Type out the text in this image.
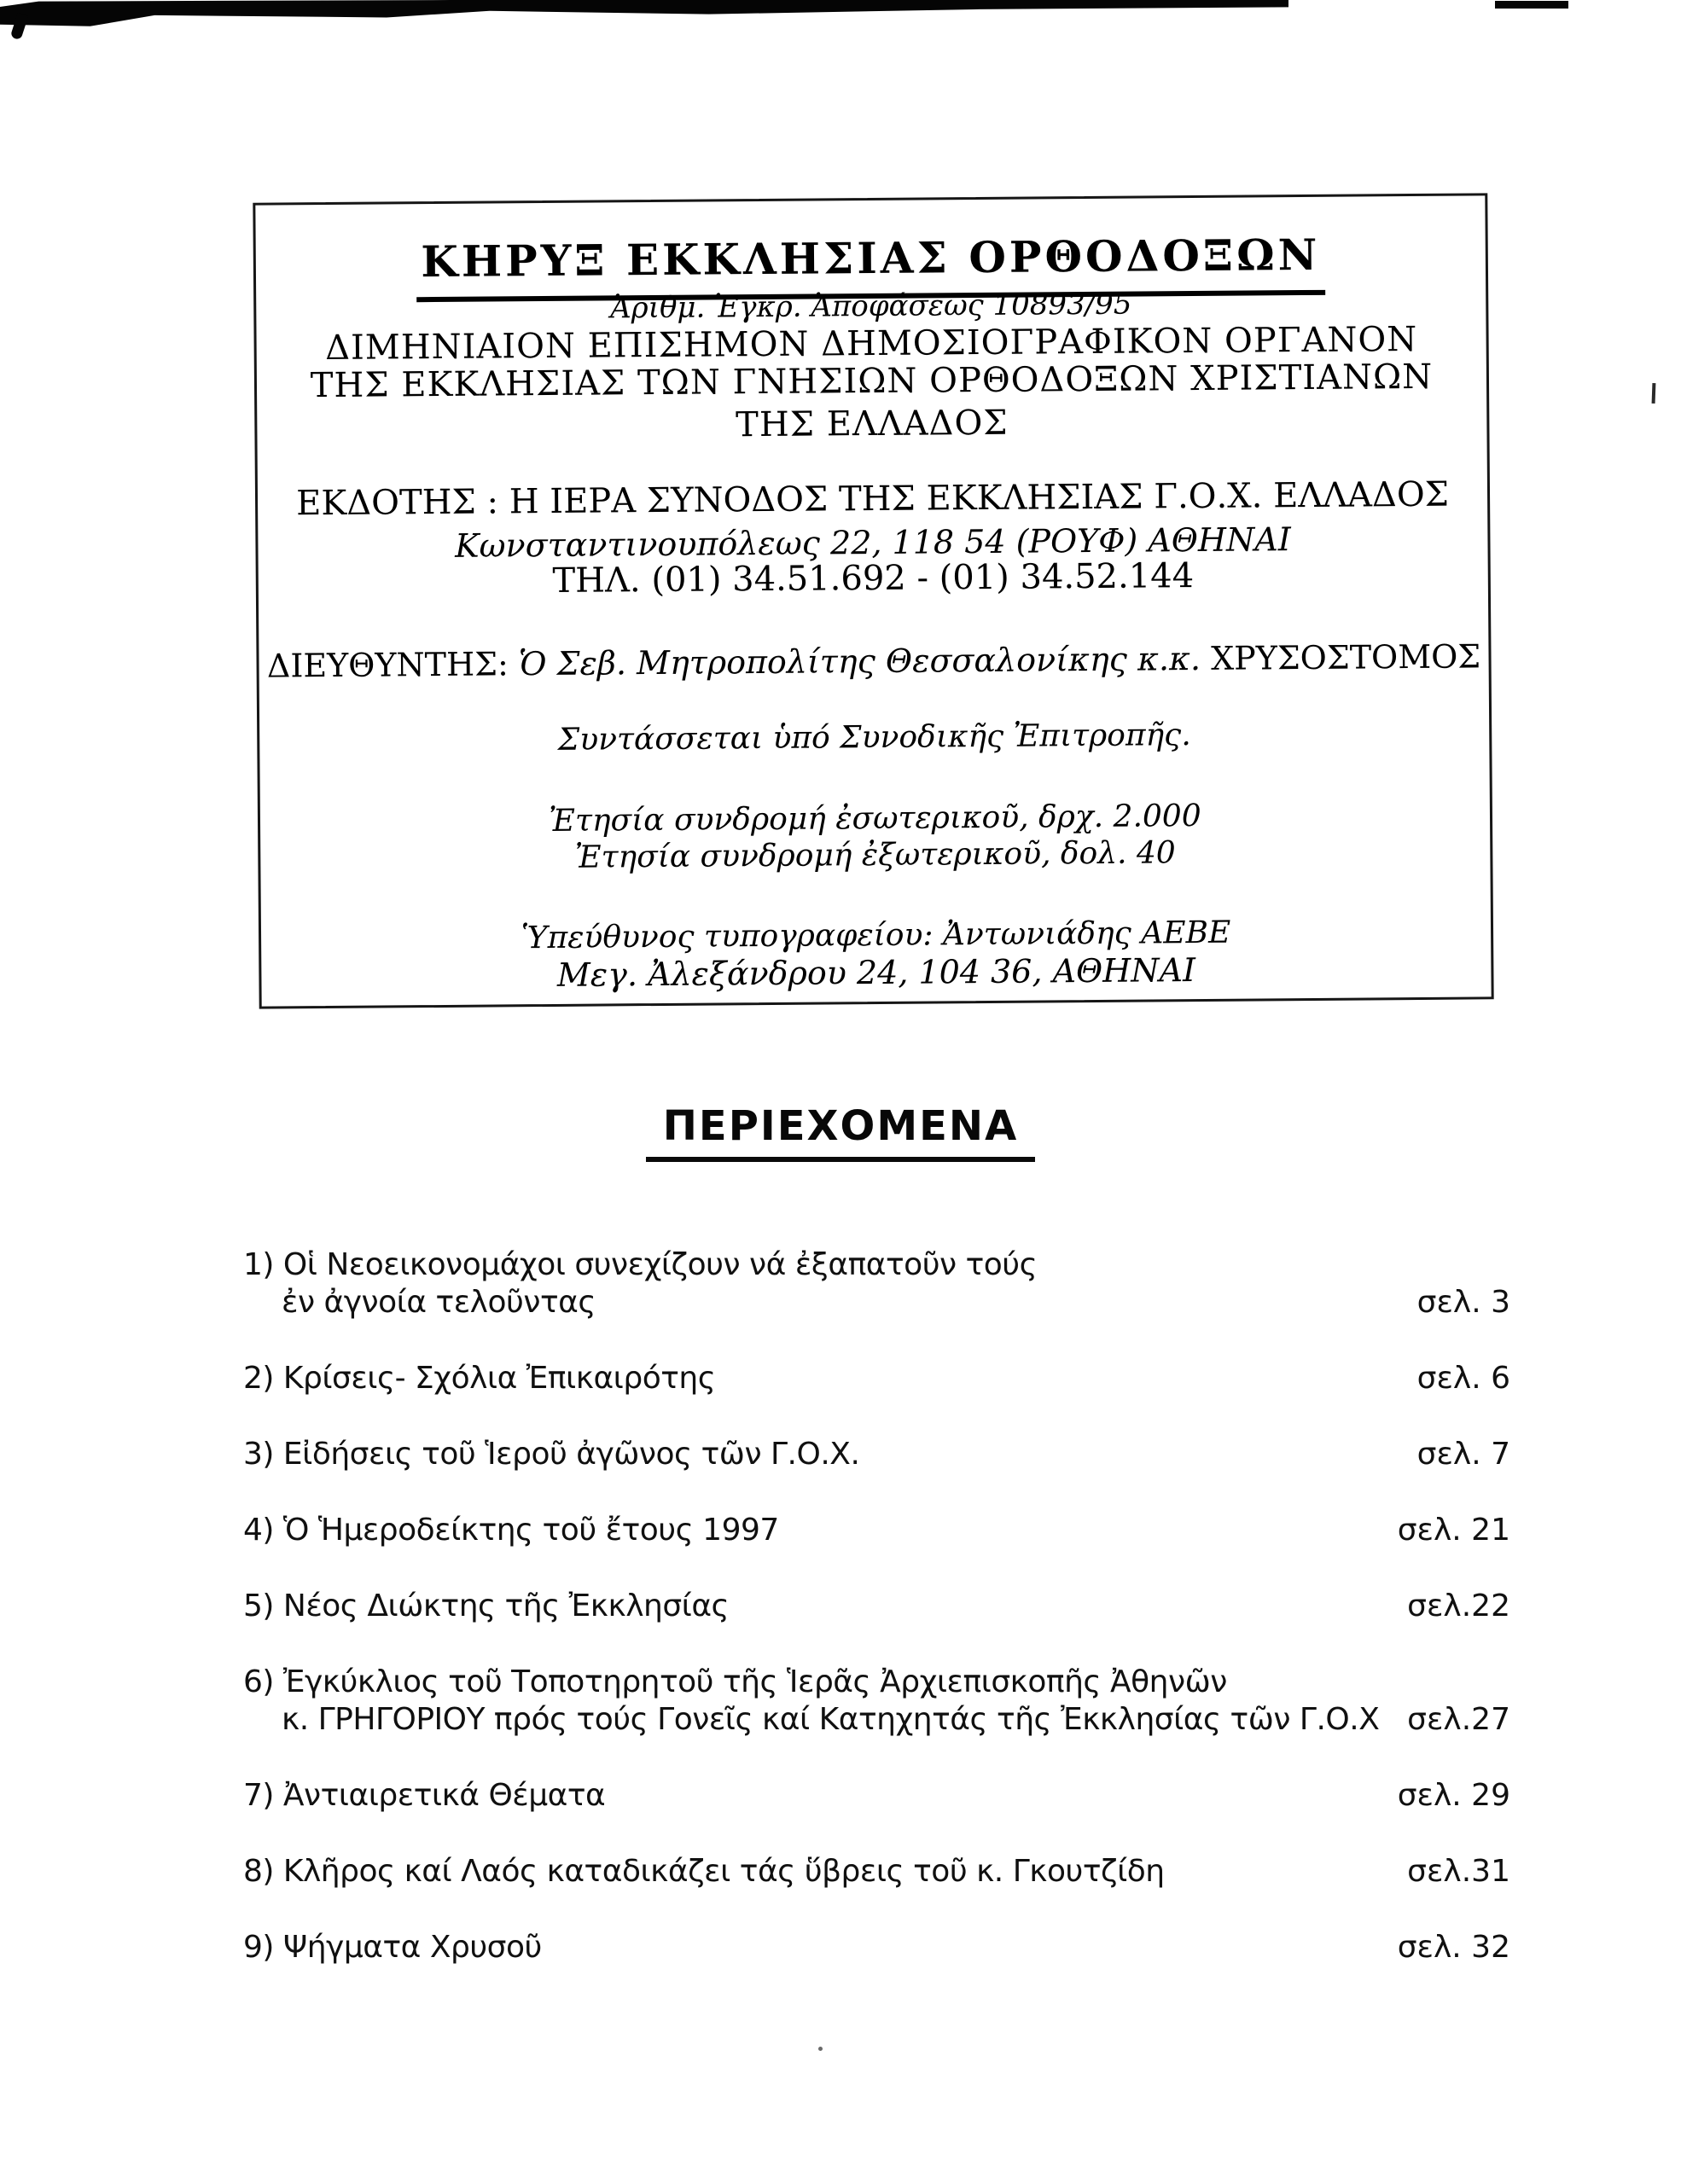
ΚΗΡΥΞ ΕΚΚΛΗΣΙΑΣ ΟΡΘΟΔΟΞΩΝ
Ἀριθμ. Ἐγκρ. Ἀποφάσεως 10893/95
ΔΙΜΗΝΙΑΙΟΝ ΕΠΙΣΗΜΟΝ ΔΗΜΟΣΙΟΓΡΑΦΙΚΟΝ ΟΡΓΑΝΟΝ
ΤΗΣ ΕΚΚΛΗΣΙΑΣ ΤΩΝ ΓΝΗΣΙΩΝ ΟΡΘΟΔΟΞΩΝ ΧΡΙΣΤΙΑΝΩΝ
ΤΗΣ ΕΛΛΑΔΟΣ
ΕΚΔΟΤΗΣ : Η ΙΕΡΑ ΣΥΝΟΔΟΣ ΤΗΣ ΕΚΚΛΗΣΙΑΣ Γ.Ο.Χ. ΕΛΛΑΔΟΣ
Κωνσταντινουπόλεως 22, 118 54 (ΡΟΥΦ) ΑΘΗΝΑΙ
ΤΗΛ. (01) 34.51.692 - (01) 34.52.144
ΔΙΕΥΘΥΝΤΗΣ: Ὁ Σεβ. Μητροπολίτης Θεσσαλονίκης κ.κ. ΧΡΥΣΟΣΤΟΜΟΣ
Συντάσσεται ὑπό Συνοδικῆς Ἐπιτροπῆς.
Ἐτησία συνδρομή ἐσωτερικοῦ, δρχ. 2.000
Ἐτησία συνδρομή ἐξωτερικοῦ, δολ. 40
Ὑπεύθυνος τυπογραφείου: Ἀντωνιάδης ΑΕΒΕ
Μεγ. Ἀλεξάνδρου 24, 104 36, ΑΘΗΝΑΙ
ΠΕΡΙΕΧΟΜΕΝΑ
1) Οἱ Νεοεικονομάχοι συνεχίζουν νά ἐξαπατοῦν τούς
ἐν ἀγνοία τελοῦντας	σελ. 3
2) Κρίσεις- Σχόλια Ἐπικαιρότης	σελ. 6
3) Εἰδήσεις τοῦ Ἱεροῦ ἀγῶνος τῶν Γ.Ο.Χ.	σελ. 7
4) Ὁ Ἡμεροδείκτης τοῦ ἔτους 1997	σελ. 21
5) Νέος Διώκτης τῆς Ἐκκλησίας	σελ.22
6) Ἐγκύκλιος τοῦ Τοποτηρητοῦ τῆς Ἱερᾶς Ἀρχιεπισκοπῆς Ἀθηνῶν
κ. ΓΡΗΓΟΡΙΟΥ πρός τούς Γονεῖς καί Κατηχητάς τῆς Ἐκκλησίας τῶν Γ.Ο.Χ σελ.27
7) Ἀντιαιρετικά Θέματα	σελ. 29
8) Κλῆρος καί Λαός καταδικάζει τάς ὕβρεις τοῦ κ. Γκουτζίδη	σελ.31
9) Ψήγματα Χρυσοῦ	σελ. 32
